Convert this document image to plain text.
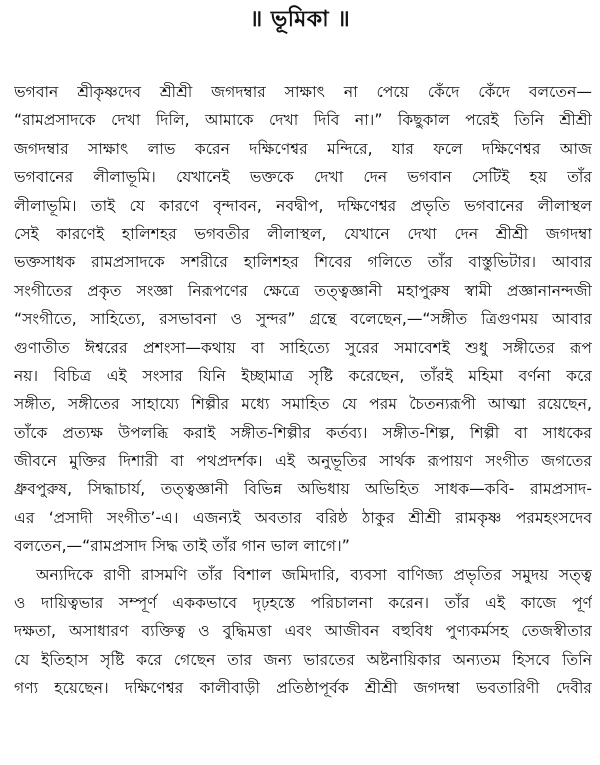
॥ ভূমিকা ॥
ভগবান শ্রীকৃষ্ণদেব শ্রীশ্রী জগদম্বার সাক্ষাৎ না পেয়ে কেঁদে কেঁদে বলতেন—
“রামপ্রসাদকে দেখা দিলি, আমাকে দেখা দিবি না।” কিছুকাল পরেই তিনি শ্রীশ্রী
জগদম্বার সাক্ষাৎ লাভ করেন দক্ষিণেশ্বর মন্দিরে, যার ফলে দক্ষিণেশ্বর আজ
ভগবানের লীলাভূমি। যেখানেই ভক্তকে দেখা দেন ভগবান সেটিই হয় তাঁর
লীলাভূমি। তাই যে কারণে বৃন্দাবন, নবদ্বীপ, দক্ষিণেশ্বর প্রভৃতি ভগবানের লীলাস্থল
সেই কারণেই হালিশহর ভগবতীর লীলাস্থল, যেখানে দেখা দেন শ্রীশ্রী জগদম্বা
ভক্তসাধক রামপ্রসাদকে সশরীরে হালিশহর শিবের গলিতে তাঁর বাস্তুভিটার। আবার
সংগীতের প্রকৃত সংজ্ঞা নিরূপণের ক্ষেত্রে তত্ত্বজ্ঞানী মহাপুরুষ স্বামী প্রজ্ঞানানন্দজী
“সংগীতে, সাহিত্যে, রসভাবনা ও সুন্দর” গ্রন্থে বলেছেন,—“সঙ্গীত ত্রিগুণময় আবার
গুণাতীত ঈশ্বরের প্রশংসা—কথায় বা সাহিত্যে সুরের সমাবেশই শুধু সঙ্গীতের রূপ
নয়। বিচিত্র এই সংসার যিনি ইচ্ছামাত্র সৃষ্টি করেছেন, তাঁরই মহিমা বর্ণনা করে
সঙ্গীত, সঙ্গীতের সাহায্যে শিল্পীর মধ্যে সমাহিত যে পরম চৈতন্যরূপী আত্মা রয়েছেন,
তাঁকে প্রত্যক্ষ উপলব্ধি করাই সঙ্গীত-শিল্পীর কর্তব্য। সঙ্গীত-শিল্প, শিল্পী বা সাধকের
জীবনে মুক্তির দিশারী বা পথপ্রদর্শক। এই অনুভূতির সার্থক রূপায়ণ সংগীত জগতের
ধ্রুবপুরুষ, সিদ্ধাচার্য, তত্ত্বজ্ঞানী বিভিন্ন অভিধায় অভিহিত সাধক—কবি- রামপ্রসাদ-
এর ‘প্রসাদী সংগীত’-এ। এজন্যই অবতার বরিষ্ঠ ঠাকুর শ্রীশ্রী রামকৃষ্ণ পরমহংসদেব
বলতেন,—“রামপ্রসাদ সিদ্ধ তাই তাঁর গান ভাল লাগে।”
অন্যদিকে রাণী রাসমণি তাঁর বিশাল জমিদারি, ব্যবসা বাণিজ্য প্রভৃতির সমুদয় সত্ত্ব
ও দায়িত্বভার সম্পূর্ণ এককভাবে দৃঢ়হস্তে পরিচালনা করেন। তাঁর এই কাজে পূর্ণ
দক্ষতা, অসাধারণ ব্যক্তিত্ব ও বুদ্ধিমত্তা এবং আজীবন বহুবিধ পুণ্যকর্মসহ তেজস্বীতার
যে ইতিহাস সৃষ্টি করে গেছেন তার জন্য ভারতের অষ্টনায়িকার অন্যতম হিসবে তিনি
গণ্য হয়েছেন। দক্ষিণেশ্বর কালীবাড়ী প্রতিষ্ঠাপূর্বক শ্রীশ্রী জগদম্বা ভবতারিণী দেবীর
